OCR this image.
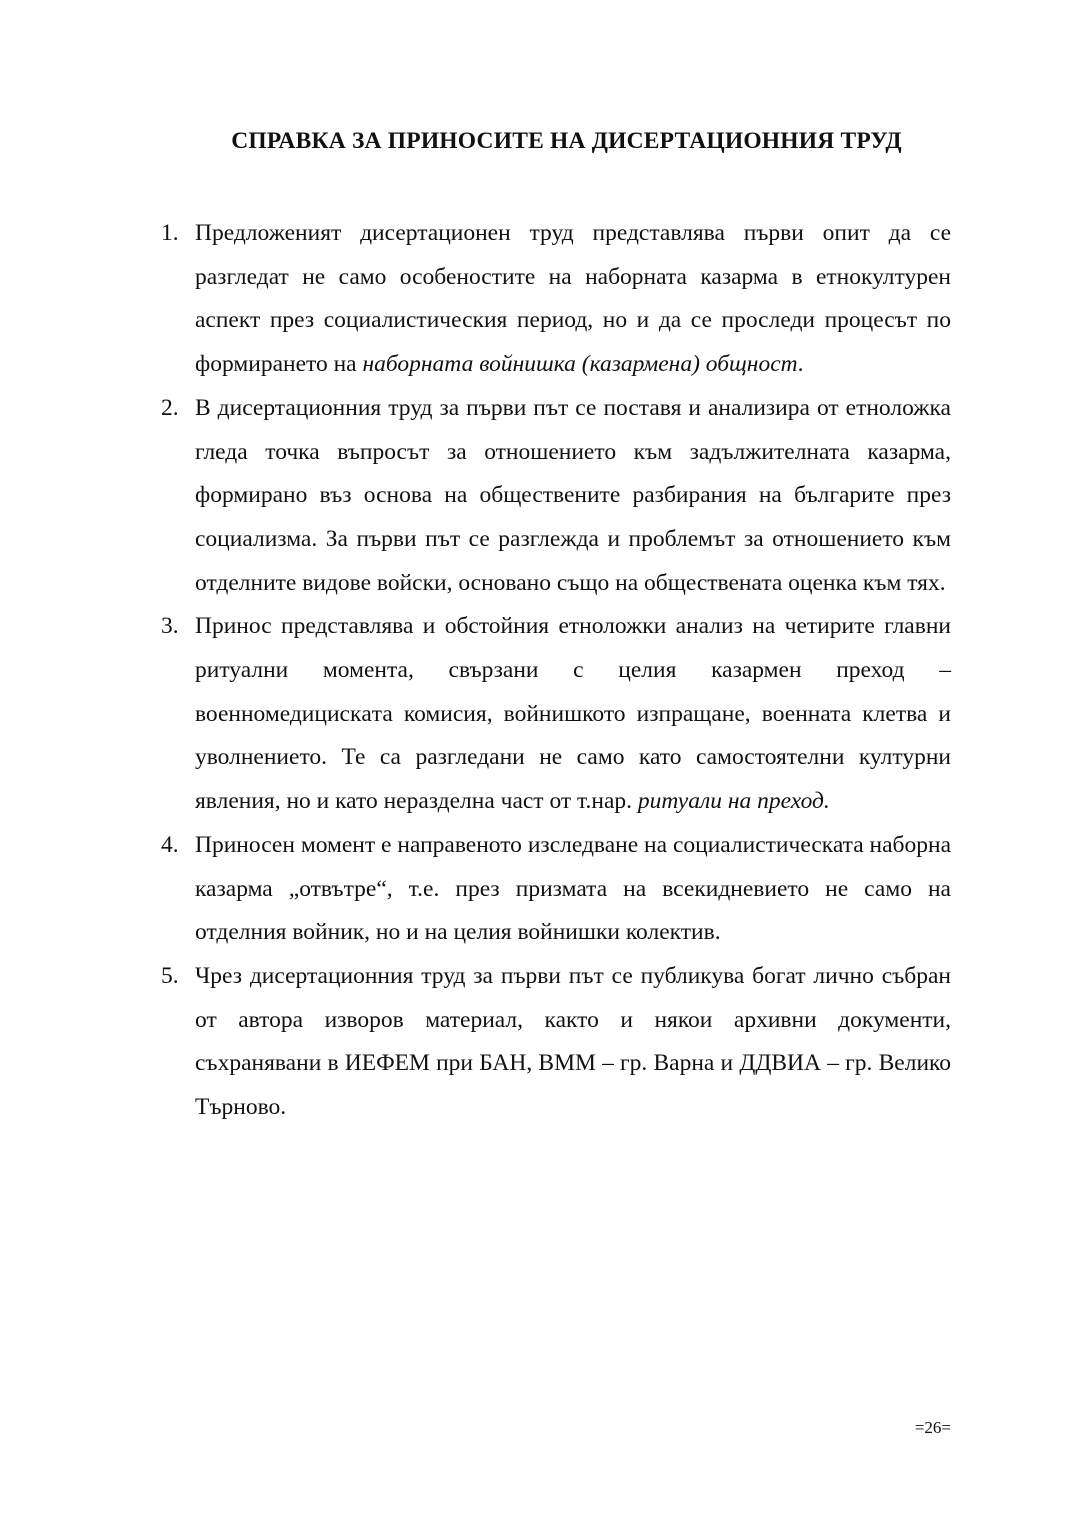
СПРАВКА ЗА ПРИНОСИТЕ НА ДИСЕРТАЦИОННИЯ ТРУД
1. Предложеният дисертационен труд представлява първи опит да се разгледат не само особеностите на наборната казарма в етнокултурен аспект през социалистическия период, но и да се проследи процесът по формирането на наборната войнишка (казармена) общност.
2. В дисертационния труд за първи път се поставя и анализира от етноложка гледа точка въпросът за отношението към задължителната казарма, формирано въз основа на обществените разбирания на българите през социализма. За първи път се разглежда и проблемът за отношението към отделните видове войски, основано също на обществената оценка към тях.
3. Принос представлява и обстойния етноложки анализ на четирите главни ритуални момента, свързани с целия казармен преход – военномедицискaта комисия, войнишкото изпращане, военната клетва и уволнението. Те са разгледани не само като самостоятелни културни явления, но и като неразделна част от т.нар. ритуали на преход.
4. Приносен момент е направеното изследване на социалистическата наборна казарма „отвътре“, т.е. през призмата на всекидневието не само на отделния войник, но и на целия войнишки колектив.
5. Чрез дисертационния труд за първи път се публикува богат лично събран от автора изворов материал, както и някои архивни документи, съхранявани в ИЕФЕМ при БАН, ВММ – гр. Варна и ДДВИА – гр. Велико Търново.
=26=
